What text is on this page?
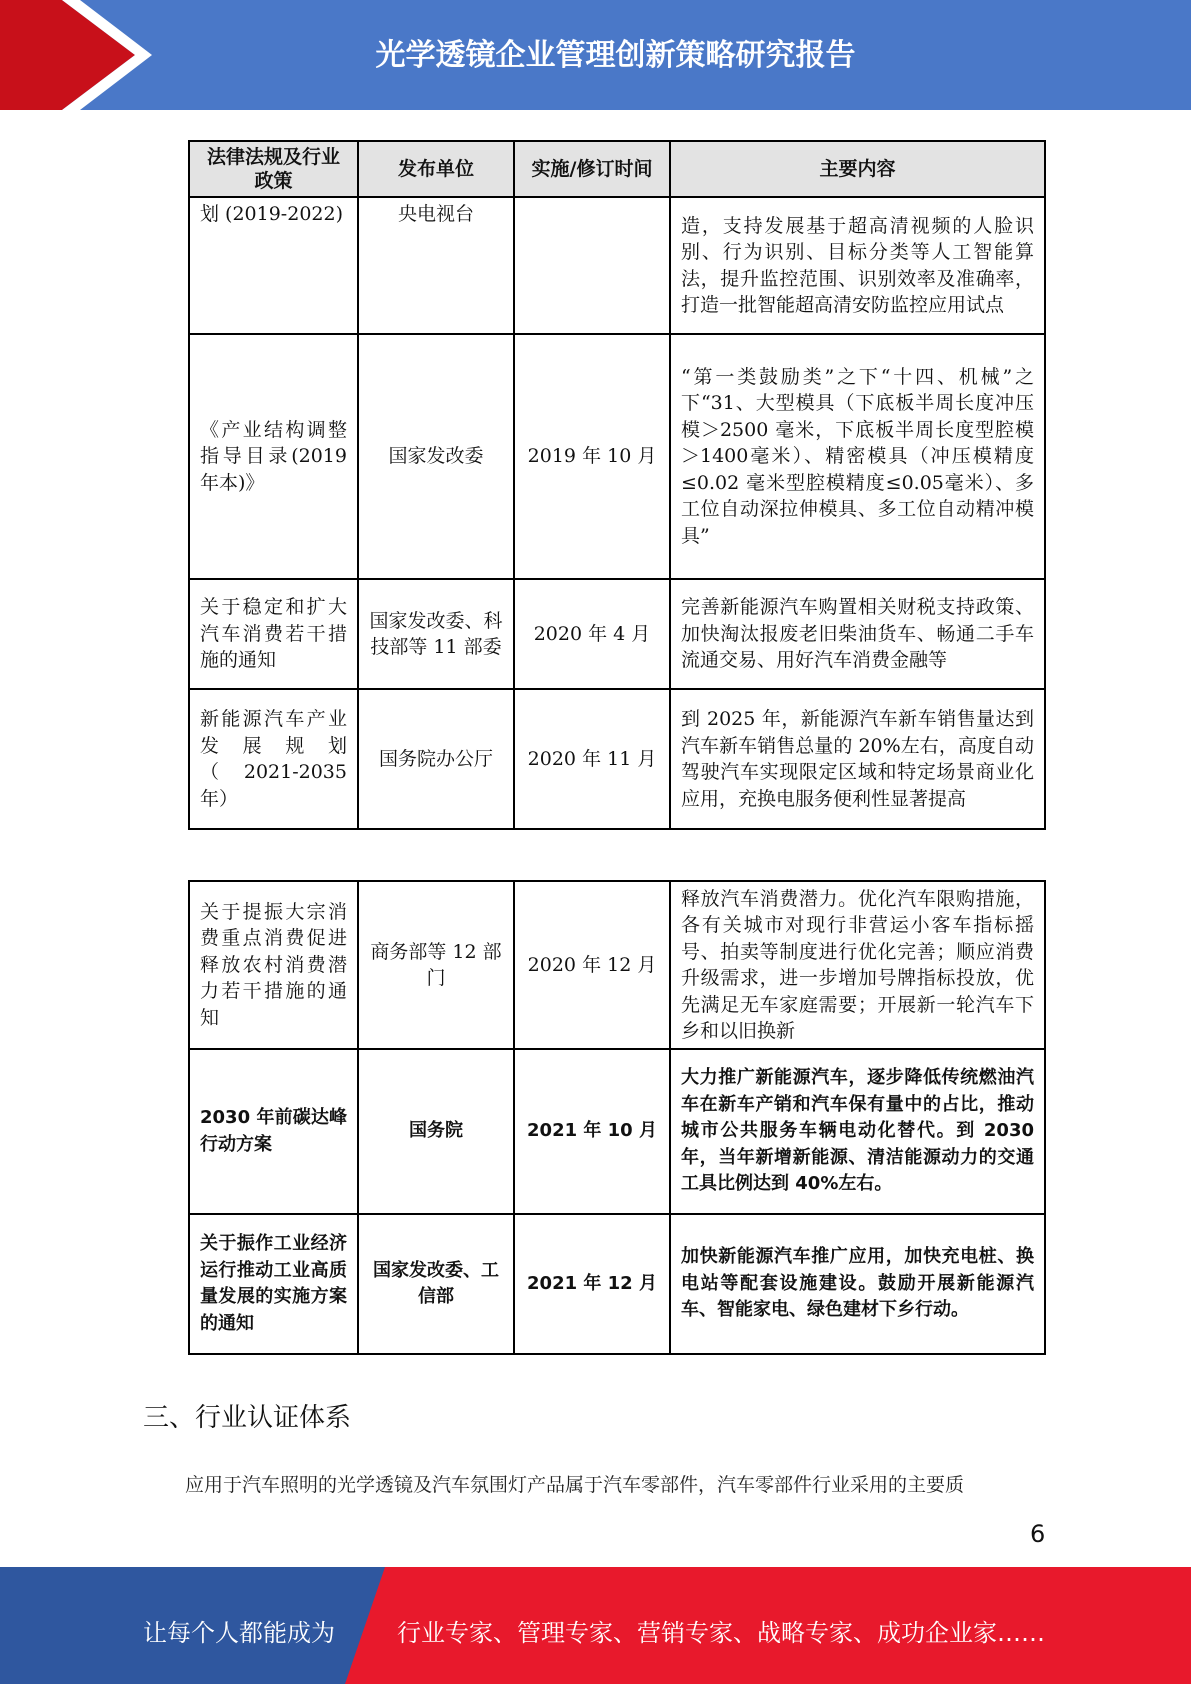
光学透镜企业管理创新策略研究报告
法律法规及行业政策	发布单位	实施/修订时间	主要内容
划 (2019-2022)	央电视台		造，支持发展基于超高清视频的人脸识别、行为识别、目标分类等人工智能算法，提升监控范围、识别效率及准确率，打造一批智能超高清安防监控应用试点
《产业结构调整指导目录(2019年本)》	国家发改委	2019 年 10 月	“第一类鼓励类”之下“十四、机械”之下“31、大型模具（下底板半周长度冲压模＞2500 毫米，下底板半周长度型腔模＞1400毫米）、精密模具（冲压模精度≤0.02 毫米型腔模精度≤0.05毫米）、多工位自动深拉伸模具、多工位自动精冲模具”
关于稳定和扩大汽车消费若干措施的通知	国家发改委、科技部等 11 部委	2020 年 4 月	完善新能源汽车购置相关财税支持政策、加快淘汰报废老旧柴油货车、畅通二手车流通交易、用好汽车消费金融等
新能源汽车产业发展规划（2021-2035年）	国务院办公厅	2020 年 11 月	到 2025 年，新能源汽车新车销售量达到汽车新车销售总量的 20%左右，高度自动驾驶汽车实现限定区域和特定场景商业化应用，充换电服务便利性显著提高
关于提振大宗消费重点消费促进释放农村消费潜力若干措施的通知	商务部等 12 部门	2020 年 12 月	释放汽车消费潜力。优化汽车限购措施，各有关城市对现行非营运小客车指标摇号、拍卖等制度进行优化完善；顺应消费升级需求，进一步增加号牌指标投放，优先满足无车家庭需要；开展新一轮汽车下乡和以旧换新
2030 年前碳达峰行动方案	国务院	2021 年 10 月	大力推广新能源汽车，逐步降低传统燃油汽车在新车产销和汽车保有量中的占比，推动城市公共服务车辆电动化替代。到 2030 年，当年新增新能源、清洁能源动力的交通工具比例达到 40%左右。
关于振作工业经济运行推动工业高质量发展的实施方案的通知	国家发改委、工信部	2021 年 12 月	加快新能源汽车推广应用，加快充电桩、换电站等配套设施建设。鼓励开展新能源汽车、智能家电、绿色建材下乡行动。
三、行业认证体系
应用于汽车照明的光学透镜及汽车氛围灯产品属于汽车零部件，汽车零部件行业采用的主要质
6
让每个人都能成为	行业专家、管理专家、营销专家、战略专家、成功企业家……
